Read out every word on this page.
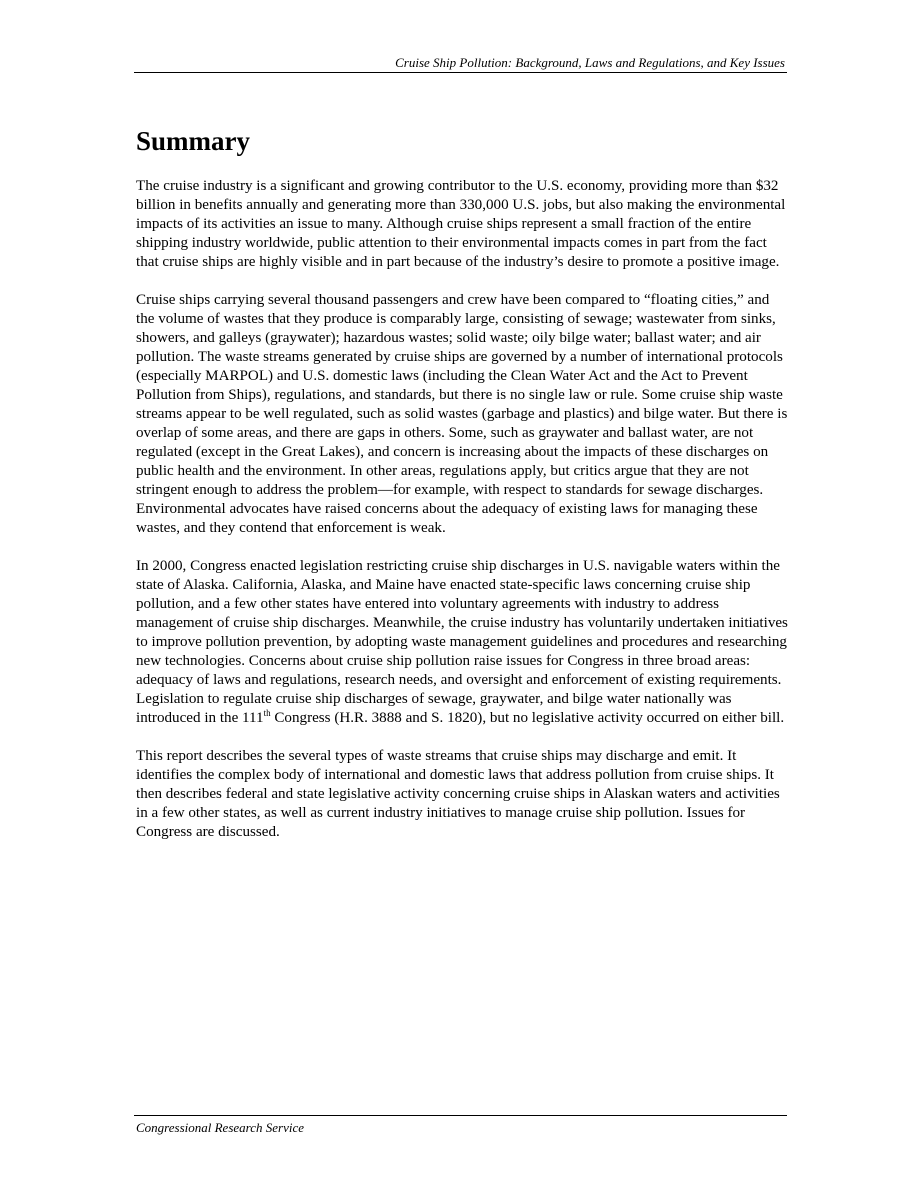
Cruise Ship Pollution: Background, Laws and Regulations, and Key Issues
Summary

The cruise industry is a significant and growing contributor to the U.S. economy, providing more than $32 billion in benefits annually and generating more than 330,000 U.S. jobs, but also making the environmental impacts of its activities an issue to many. Although cruise ships represent a small fraction of the entire shipping industry worldwide, public attention to their environmental impacts comes in part from the fact that cruise ships are highly visible and in part because of the industry’s desire to promote a positive image.

Cruise ships carrying several thousand passengers and crew have been compared to “floating cities,” and the volume of wastes that they produce is comparably large, consisting of sewage; wastewater from sinks, showers, and galleys (graywater); hazardous wastes; solid waste; oily bilge water; ballast water; and air pollution. The waste streams generated by cruise ships are governed by a number of international protocols (especially MARPOL) and U.S. domestic laws (including the Clean Water Act and the Act to Prevent Pollution from Ships), regulations, and standards, but there is no single law or rule. Some cruise ship waste streams appear to be well regulated, such as solid wastes (garbage and plastics) and bilge water. But there is overlap of some areas, and there are gaps in others. Some, such as graywater and ballast water, are not regulated (except in the Great Lakes), and concern is increasing about the impacts of these discharges on public health and the environment. In other areas, regulations apply, but critics argue that they are not stringent enough to address the problem—for example, with respect to standards for sewage discharges. Environmental advocates have raised concerns about the adequacy of existing laws for managing these wastes, and they contend that enforcement is weak.

In 2000, Congress enacted legislation restricting cruise ship discharges in U.S. navigable waters within the state of Alaska. California, Alaska, and Maine have enacted state-specific laws concerning cruise ship pollution, and a few other states have entered into voluntary agreements with industry to address management of cruise ship discharges. Meanwhile, the cruise industry has voluntarily undertaken initiatives to improve pollution prevention, by adopting waste management guidelines and procedures and researching new technologies. Concerns about cruise ship pollution raise issues for Congress in three broad areas: adequacy of laws and regulations, research needs, and oversight and enforcement of existing requirements. Legislation to regulate cruise ship discharges of sewage, graywater, and bilge water nationally was introduced in the 111th Congress (H.R. 3888 and S. 1820), but no legislative activity occurred on either bill.

This report describes the several types of waste streams that cruise ships may discharge and emit. It identifies the complex body of international and domestic laws that address pollution from cruise ships. It then describes federal and state legislative activity concerning cruise ships in Alaskan waters and activities in a few other states, as well as current industry initiatives to manage cruise ship pollution. Issues for Congress are discussed.

Congressional Research Service
